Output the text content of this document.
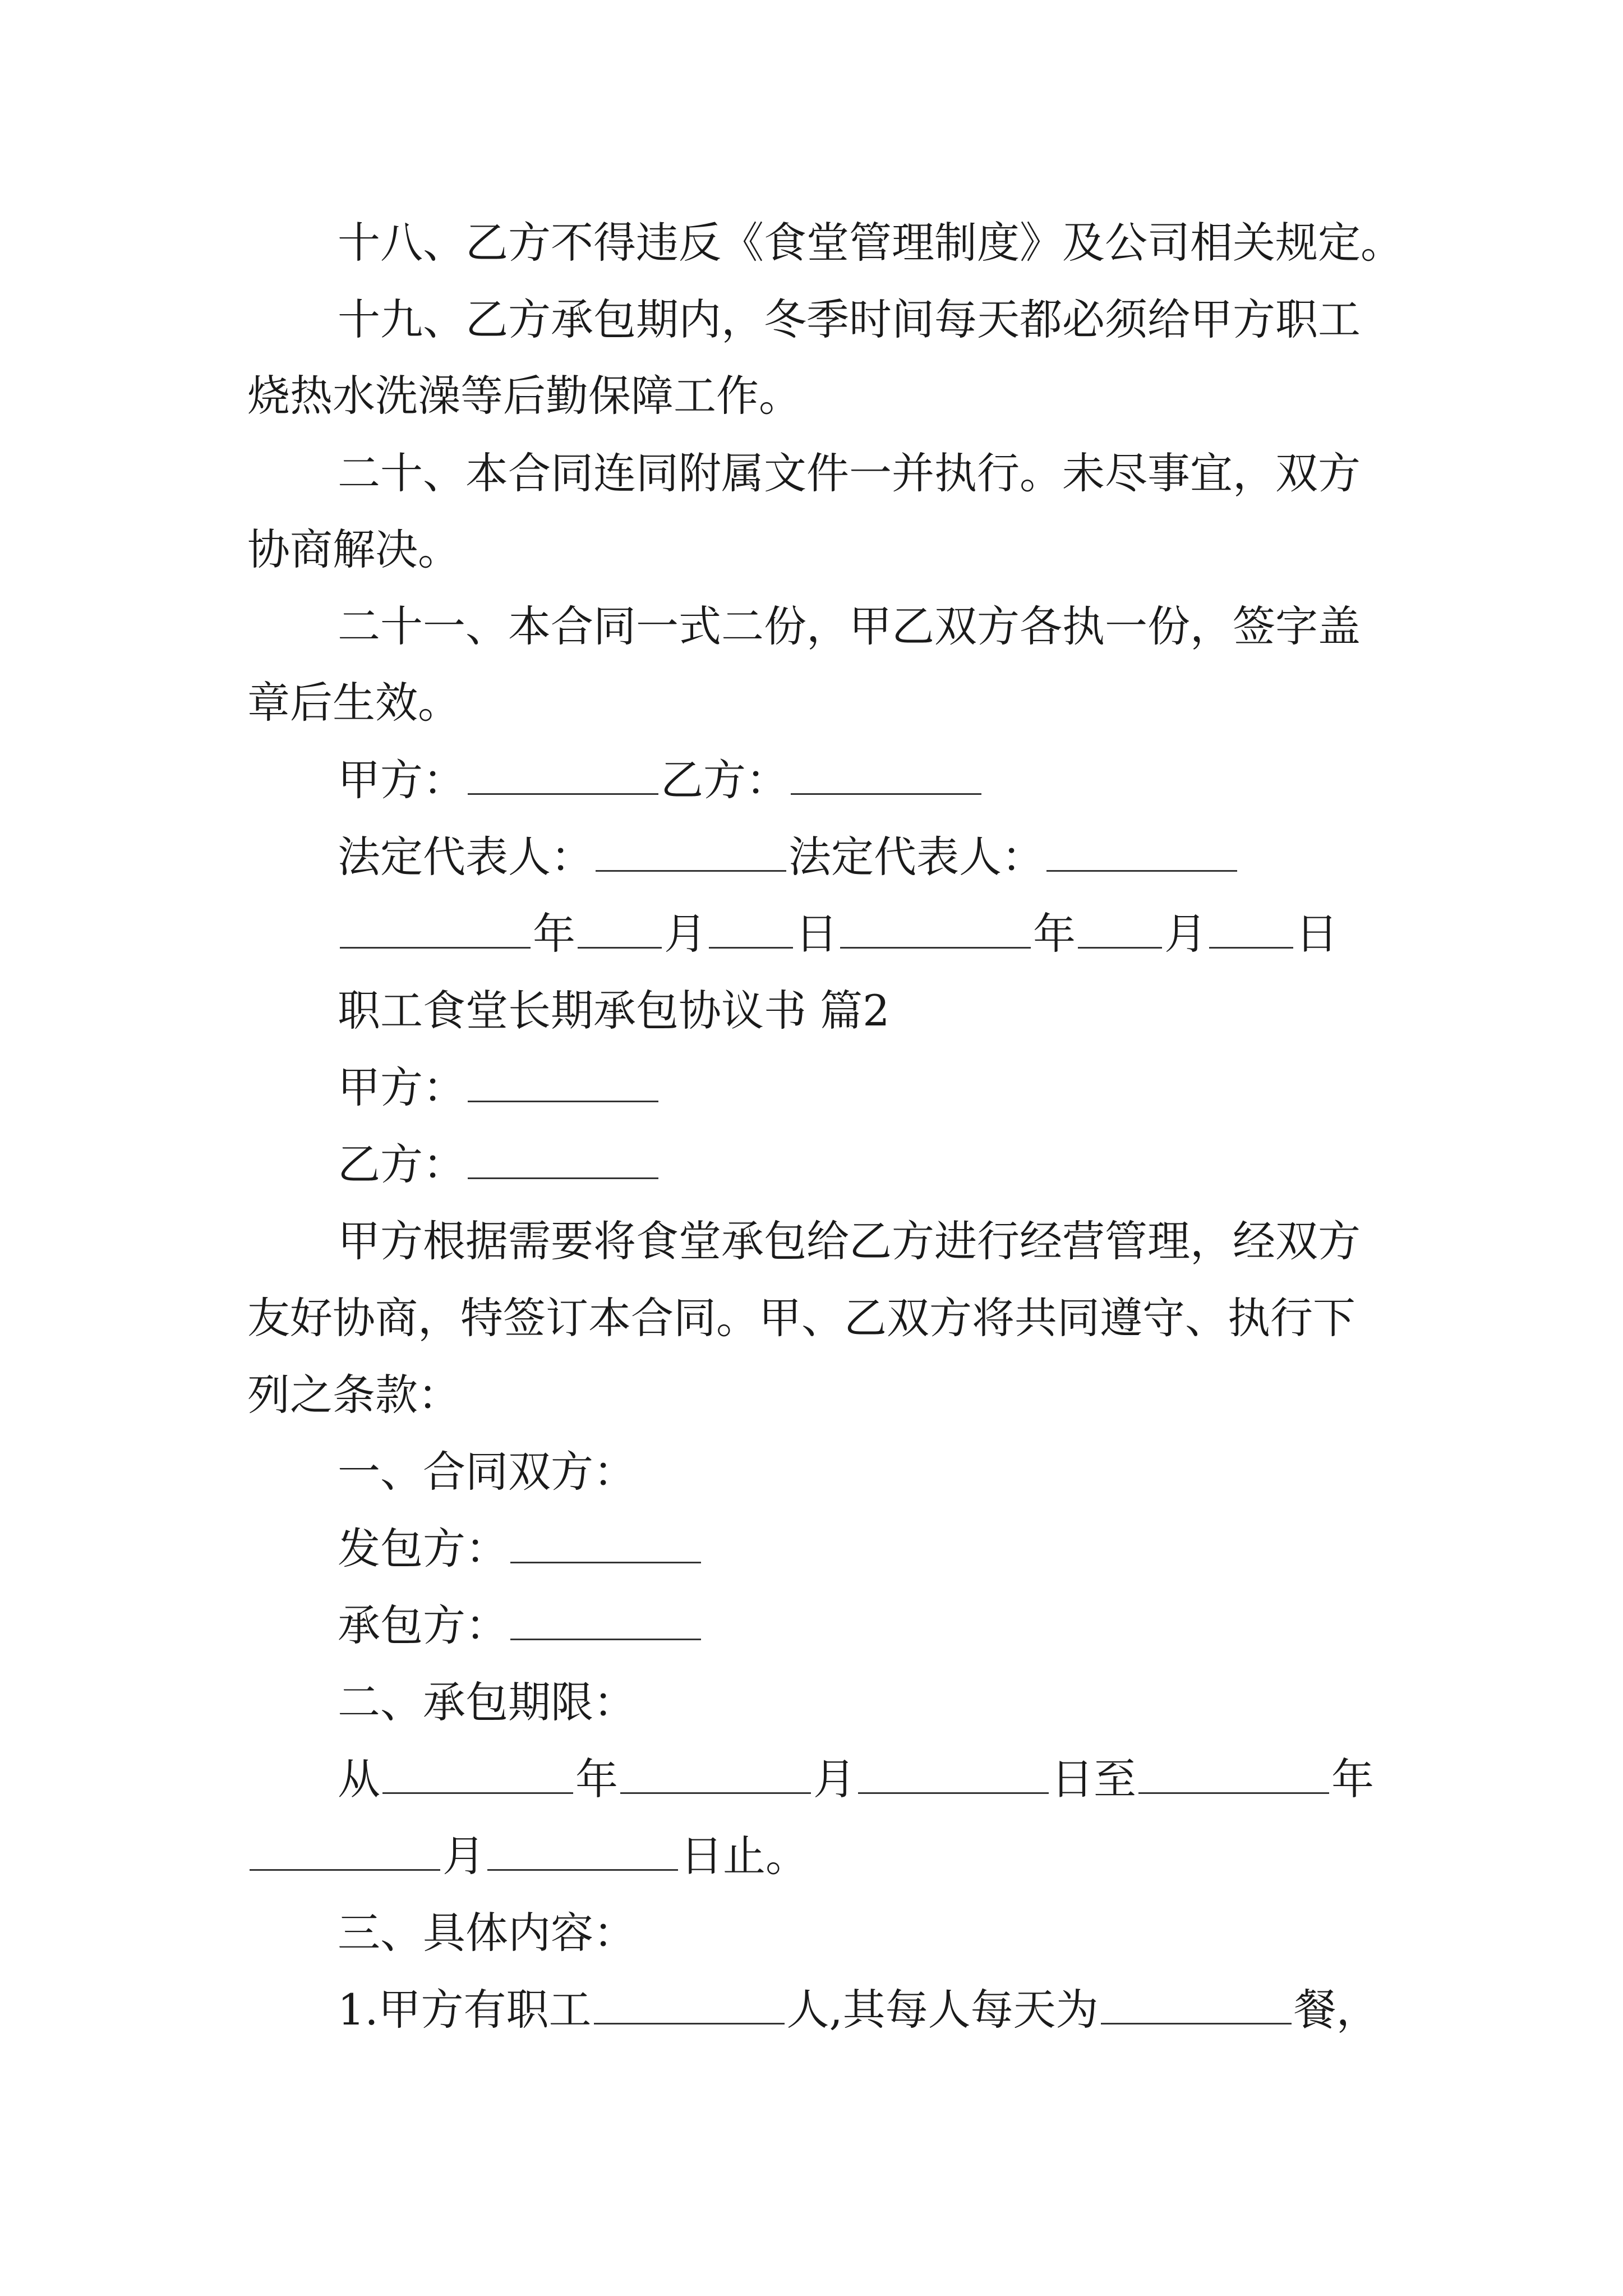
十八、乙方不得违反《食堂管理制度》及公司相关规定。
十九、乙方承包期内，冬季时间每天都必须给甲方职工
烧热水洗澡等后勤保障工作。
二十、本合同连同附属文件一并执行。未尽事宜，双方
协商解决。
二十一、本合同一式二份，甲乙双方各执一份，签字盖
章后生效。
甲方：	乙方：
法定代表人：	法定代表人：
年 月 日	年 月 日
职工食堂长期承包协议书 篇2
甲方：
乙方：
甲方根据需要将食堂承包给乙方进行经营管理，经双方
友好协商，特签订本合同。甲、乙双方将共同遵守、执行下
列之条款：
一、合同双方：
发包方：
承包方：
二、承包期限：
从	年	月	日至	年
月	日止。
三、具体内容：
1.甲方有职工	人,其每人每天为	餐，
